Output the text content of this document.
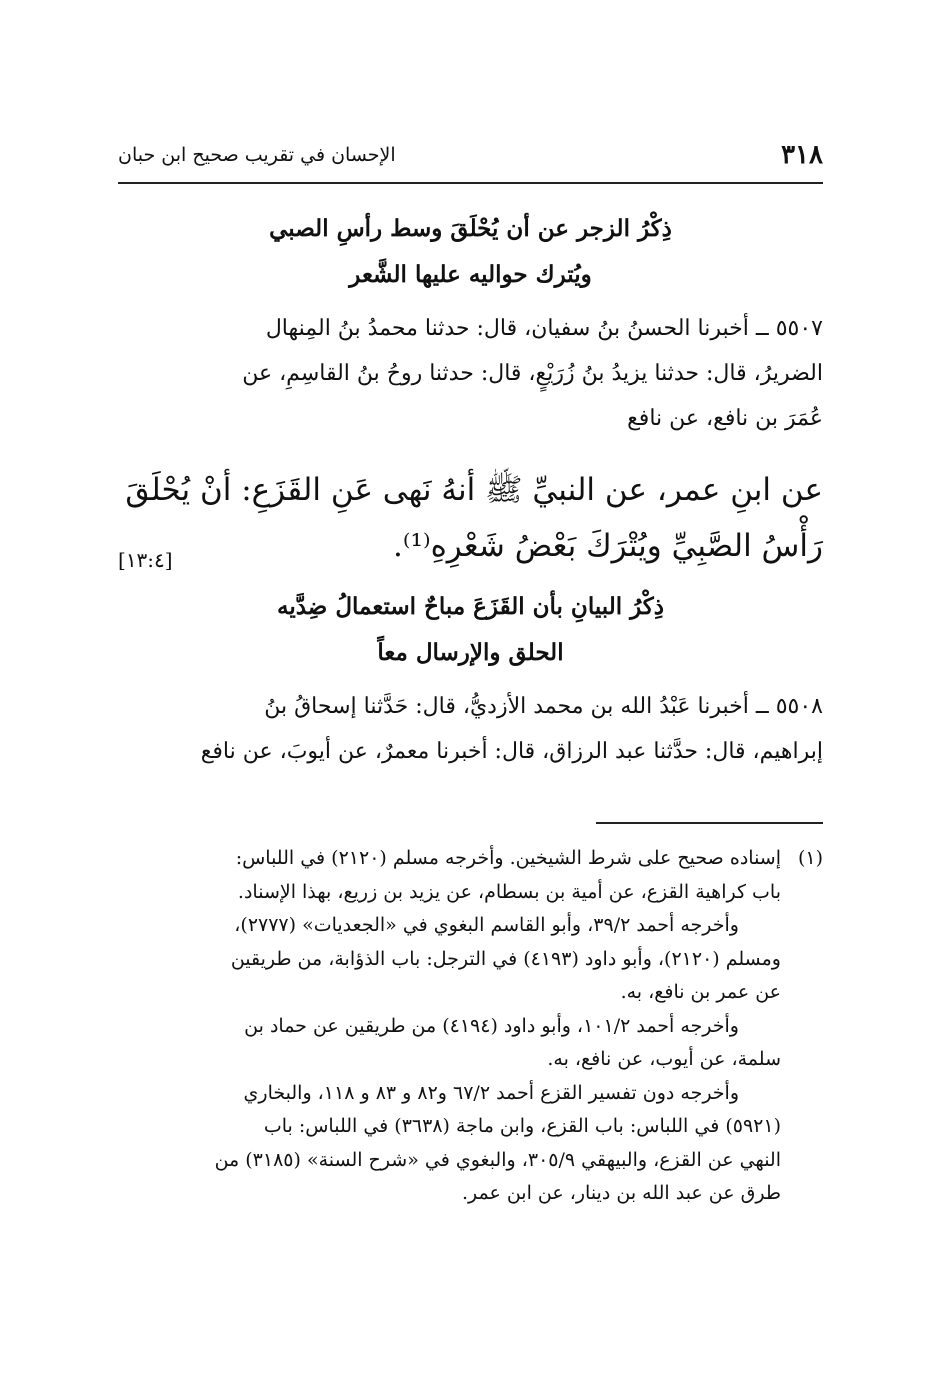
٣١٨
الإحسان في تقريب صحيح ابن حبان
ذِكْرُ الزجر عن أن يُحْلَقَ وسط رأسِ الصبي
ويُترك حواليه عليها الشَّعر
٥٥٠٧ ــ أخبرنا الحسنُ بنُ سفيان، قال: حدثنا محمدُ بنُ المِنهال
الضريرُ، قال: حدثنا يزيدُ بنُ زُرَيْعٍ، قال: حدثنا روحُ بنُ القاسِمِ، عن
عُمَرَ بن نافع، عن نافع
عن ابنِ عمر، عن النبيِّ ﷺ أنهُ نَهى عَنِ القَزَعِ: أنْ يُحْلَقَ
رَأْسُ الصَّبِيِّ ويُتْرَكَ بَعْضُ شَعْرِهِ⁽¹⁾.
[١٣:٤]
ذِكْرُ البيانِ بأن القَزَعَ مباحٌ استعمالُ ضِدَّيه
الحلق والإرسال معاً
٥٥٠٨ ــ أخبرنا عَبْدُ الله بن محمد الأزديُّ، قال: حَدَّثنا إسحاقُ بنُ
إبراهيم، قال: حدَّثنا عبد الرزاق، قال: أخبرنا معمرٌ، عن أيوبَ، عن نافع
(١)إسناده صحيح على شرط الشيخين. وأخرجه مسلم (٢١٢٠) في اللباس:
باب كراهية القزع، عن أمية بن بسطام، عن يزيد بن زريع، بهذا الإسناد.
وأخرجه أحمد ٣٩/٢، وأبو القاسم البغوي في «الجعديات» (٢٧٧٧)،
ومسلم (٢١٢٠)، وأبو داود (٤١٩٣) في الترجل: باب الذؤابة، من طريقين
عن عمر بن نافع، به.
وأخرجه أحمد ١٠١/٢، وأبو داود (٤١٩٤) من طريقين عن حماد بن
سلمة، عن أيوب، عن نافع، به.
وأخرجه دون تفسير القزع أحمد ٦٧/٢ و٨٢ و ٨٣ و ١١٨، والبخاري
(٥٩٢١) في اللباس: باب القزع، وابن ماجة (٣٦٣٨) في اللباس: باب
النهي عن القزع، والبيهقي ٣٠٥/٩، والبغوي في «شرح السنة» (٣١٨٥) من
طرق عن عبد الله بن دينار، عن ابن عمر.
